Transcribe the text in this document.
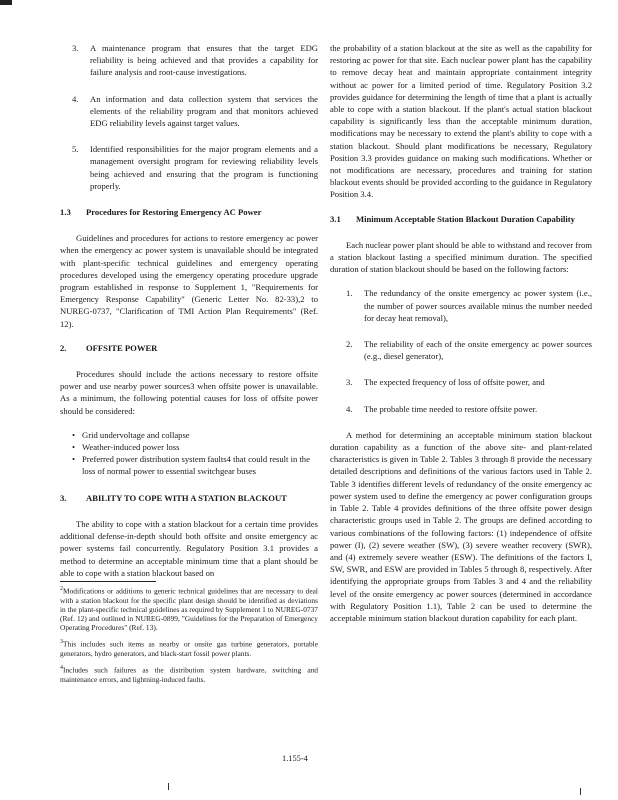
3.	A maintenance program that ensures that the target EDG reliability is being achieved and that provides a capability for failure analysis and root-cause investigations.
4.	An information and data collection system that services the elements of the reliability program and that monitors achieved EDG reliability levels against target values.
5.	Identified responsibilities for the major program elements and a management oversight program for reviewing reliability levels being achieved and ensuring that the program is functioning properly.
1.3 Procedures for Restoring Emergency AC Power

Guidelines and procedures for actions to restore emergency ac power when the emergency ac power system is unavailable should be integrated with plant-specific technical guidelines and emergency operating procedures developed using the emergency operating procedure upgrade program established in response to Supplement 1, "Requirements for Emergency Response Capability" (Generic Letter No. 82-33),2 to NUREG-0737, "Clarification of TMI Action Plan Requirements" (Ref. 12).

2. OFFSITE POWER

Procedures should include the actions necessary to restore offsite power and use nearby power sources3 when offsite power is unavailable. As a minimum, the following potential causes for loss of offsite power should be considered:

• Grid undervoltage and collapse
• Weather-induced power loss
• Preferred power distribution system faults4 that could result in the loss of normal power to essential switchgear buses
3. ABILITY TO COPE WITH A STATION BLACKOUT

The ability to cope with a station blackout for a certain time provides additional defense-in-depth should both offsite and onsite emergency ac power systems fail concurrently. Regulatory Position 3.1 provides a method to determine an acceptable minimum time that a plant should be able to cope with a station blackout based on

$^2$Modifications or additions to generic technical guidelines that are necessary to deal with a station blackout for the specific plant design should be identified as deviations in the plant-specific technical guidelines as required by Supplement 1 to NUREG-0737 (Ref. 12) and outlined in NUREG-0899, "Guidelines for the Preparation of Emergency Operating Procedures" (Ref. 13).
$^3$This includes such items as nearby or onsite gas turbine generators, portable generators, hydro generators, and black-start fossil power plants.
$^4$Includes such failures as the distribution system hardware, switching and maintenance errors, and lightning-induced faults.

the probability of a station blackout at the site as well as the capability for restoring ac power for that site. Each nuclear power plant has the capability to remove decay heat and maintain appropriate containment integrity without ac power for a limited period of time. Regulatory Position 3.2 provides guidance for determining the length of time that a plant is actually able to cope with a station blackout. If the plant's actual station blackout capability is significantly less than the acceptable minimum duration, modifications may be necessary to extend the plant's ability to cope with a station blackout. Should plant modifications be necessary, Regulatory Position 3.3 provides guidance on making such modifications. Whether or not modifications are necessary, procedures and training for station blackout events should be provided according to the guidance in Regulatory Position 3.4.

3.1	Minimum Acceptable Station Blackout Duration Capability

Each nuclear power plant should be able to withstand and recover from a station blackout lasting a specified minimum duration. The specified duration of station blackout should be based on the following factors:

1.	The redundancy of the onsite emergency ac power system (i.e., the number of power sources available minus the number needed for decay heat removal),
2.	The reliability of each of the onsite emergency ac power sources (e.g., diesel generator),
3.	The expected frequency of loss of offsite power, and
4.	The probable time needed to restore offsite power.

A method for determining an acceptable minimum station blackout duration capability as a function of the above site- and plant-related characteristics is given in Table 2. Tables 3 through 8 provide the necessary detailed descriptions and definitions of the various factors used in Table 2. Table 3 identifies different levels of redundancy of the onsite emergency ac power system used to define the emergency ac power configuration groups in Table 2. Table 4 provides definitions of the three offsite power design characteristic groups used in Table 2. The groups are defined according to various combinations of the following factors: (1) independence of offsite power (I), (2) severe weather (SW), (3) severe weather recovery (SWR), and (4) extremely severe weather (ESW). The definitions of the factors I, SW, SWR, and ESW are provided in Tables 5 through 8, respectively. After identifying the appropriate groups from Tables 3 and 4 and the reliability level of the onsite emergency ac power sources (determined in accordance with Regulatory Position 1.1), Table 2 can be used to determine the acceptable minimum station blackout duration capability for each plant.

1.155-4
